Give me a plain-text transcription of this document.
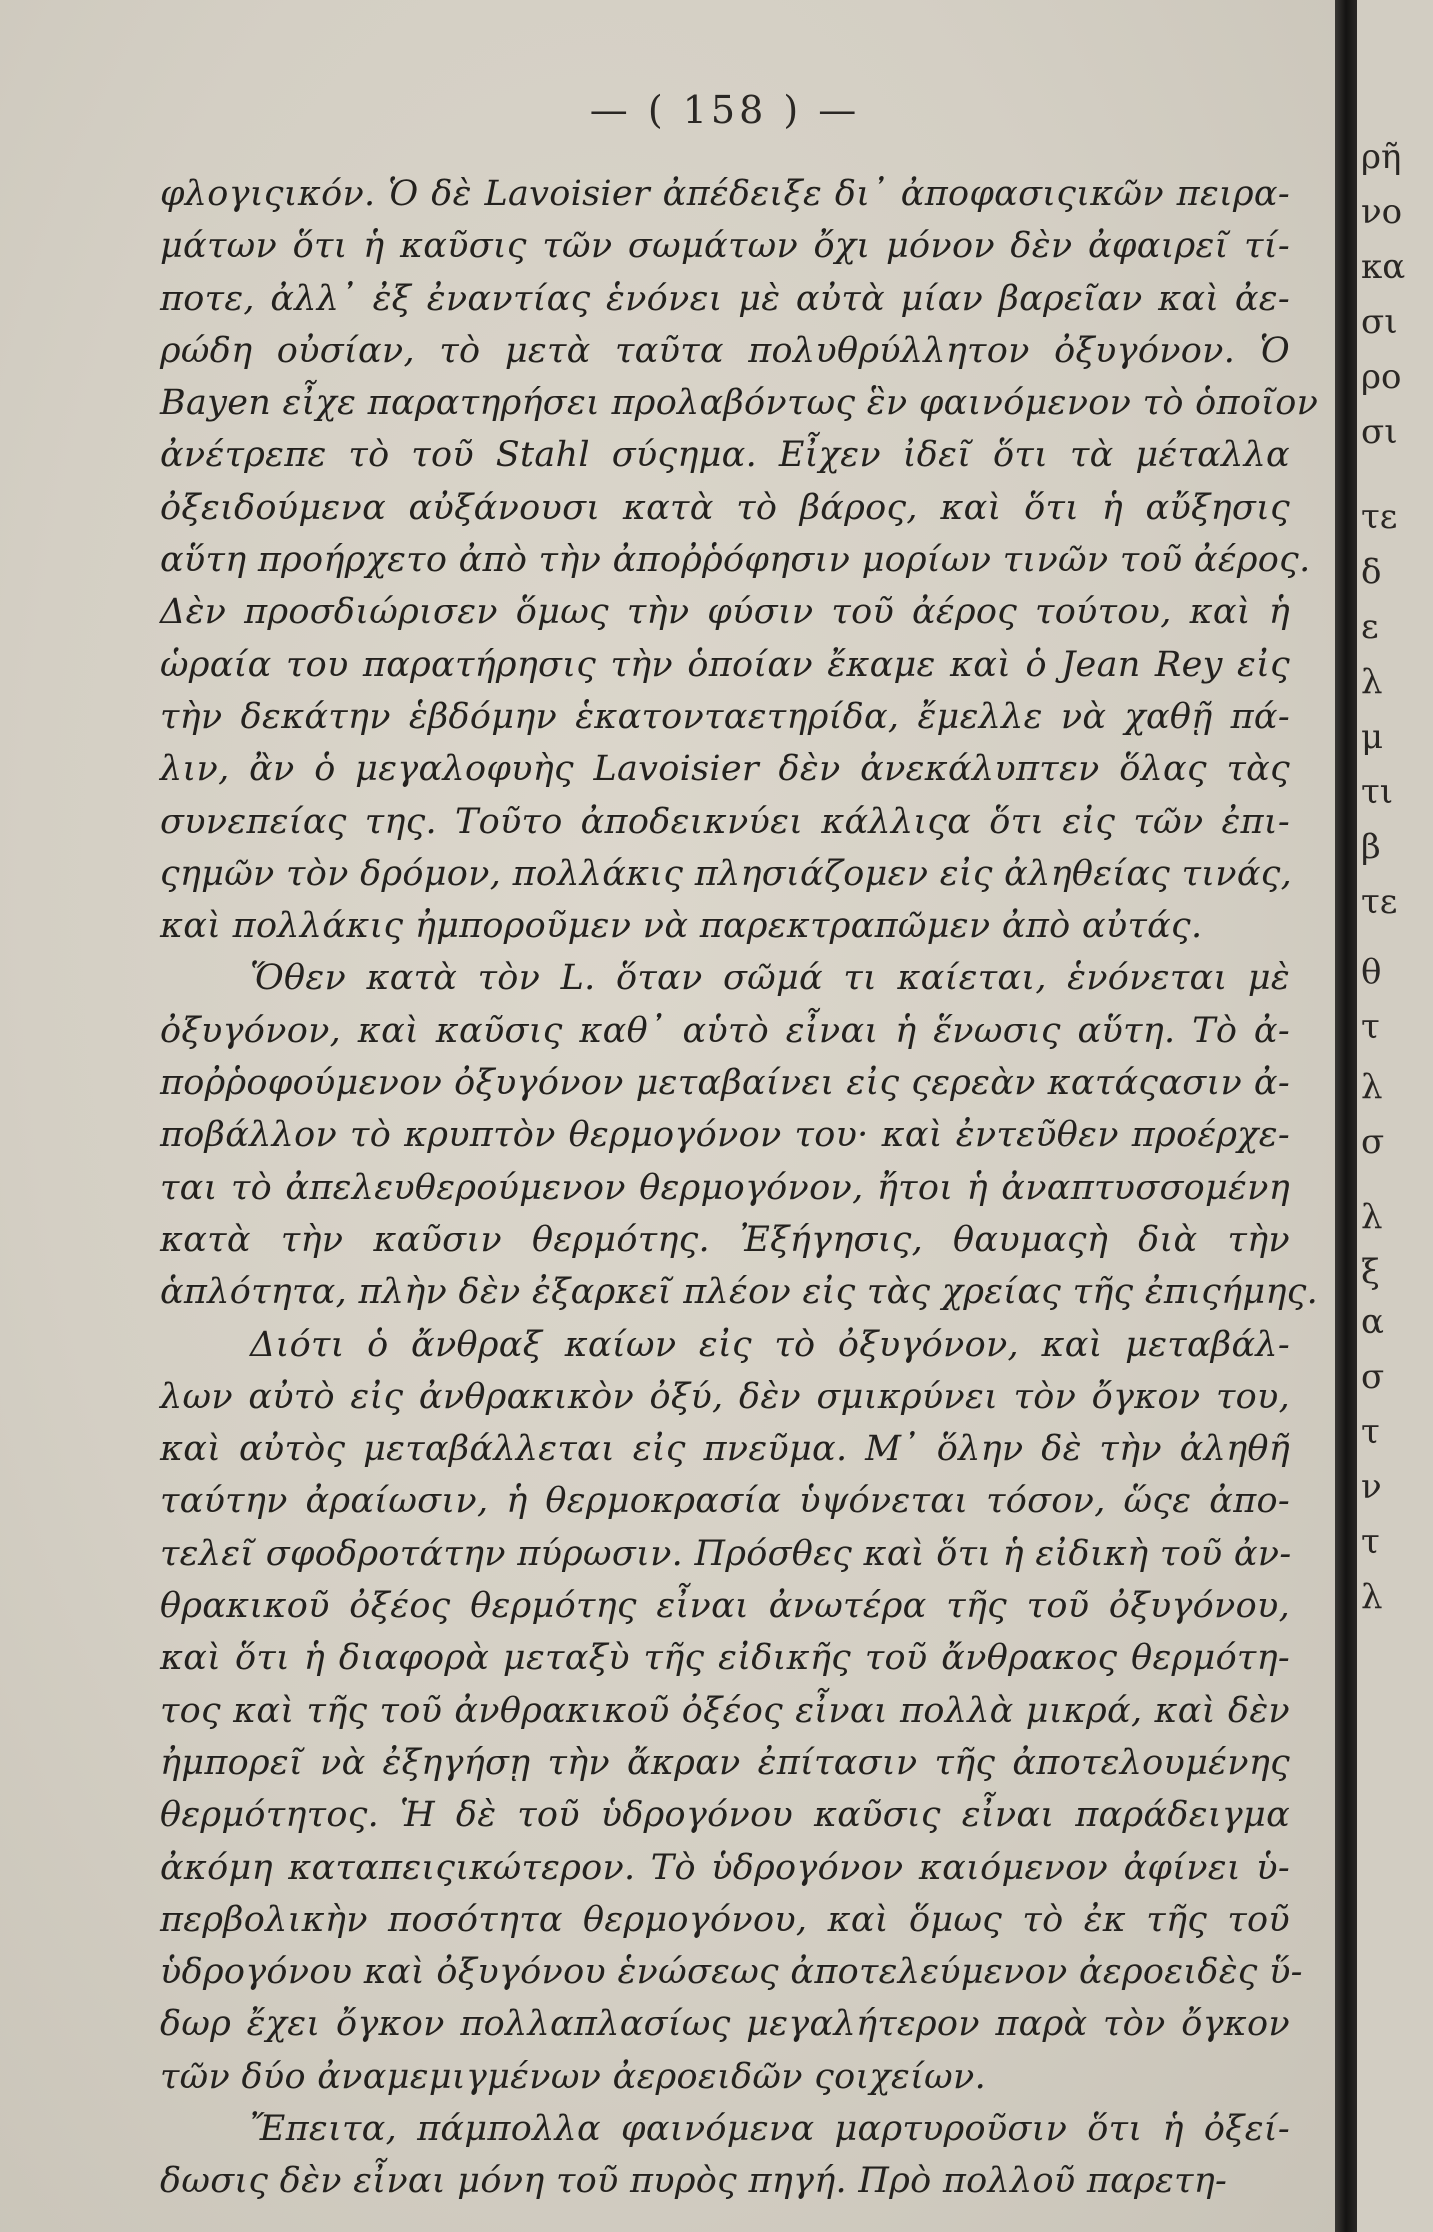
— ( 158 ) —
φλογιςικόν. Ὁ δὲ Lavoisier ἀπέδειξε δι᾽ ἀποφασιςικῶν πειρα-
μάτων ὅτι ἡ καῦσις τῶν σωμάτων ὄχι μόνον δὲν ἀφαιρεῖ τί-
ποτε, ἀλλ᾽ ἐξ ἐναντίας ἑνόνει μὲ αὐτὰ μίαν βαρεῖαν καὶ ἀε-
ρώδη οὐσίαν, τὸ μετὰ ταῦτα πολυθρύλλητον ὀξυγόνον. Ὁ
Bayen εἶχε παρατηρήσει προλαβόντως ἓν φαινόμενον τὸ ὁποῖον
ἀνέτρεπε τὸ τοῦ Stahl σύςημα. Εἶχεν ἰδεῖ ὅτι τὰ μέταλλα
ὀξειδούμενα αὐξάνουσι κατὰ τὸ βάρος, καὶ ὅτι ἡ αὔξησις
αὕτη προήρχετο ἀπὸ τὴν ἀποῤῥόφησιν μορίων τινῶν τοῦ ἀέρος.
Δὲν προσδιώρισεν ὅμως τὴν φύσιν τοῦ ἀέρος τούτου, καὶ ἡ
ὡραία του παρατήρησις τὴν ὁποίαν ἔκαμε καὶ ὁ Jean Rey εἰς
τὴν δεκάτην ἑβδόμην ἑκατονταετηρίδα, ἔμελλε νὰ χαθῇ πά-
λιν, ἂν ὁ μεγαλοφυὴς Lavoisier δὲν ἀνεκάλυπτεν ὅλας τὰς
συνεπείας της. Τοῦτο ἀποδεικνύει κάλλιςα ὅτι εἰς τῶν ἐπι-
ςημῶν τὸν δρόμον, πολλάκις πλησιάζομεν εἰς ἀληθείας τινάς,
καὶ πολλάκις ἠμποροῦμεν νὰ παρεκτραπῶμεν ἀπὸ αὐτάς.
Ὅθεν κατὰ τὸν L. ὅταν σῶμά τι καίεται, ἑνόνεται μὲ
ὀξυγόνον, καὶ καῦσις καθ᾽ αὑτὸ εἶναι ἡ ἕνωσις αὕτη. Τὸ ἀ-
ποῤῥοφούμενον ὀξυγόνον μεταβαίνει εἰς ςερεὰν κατάςασιν ἀ-
ποβάλλον τὸ κρυπτὸν θερμογόνον του· καὶ ἐντεῦθεν προέρχε-
ται τὸ ἀπελευθερούμενον θερμογόνον, ἤτοι ἡ ἀναπτυσσομένη
κατὰ τὴν καῦσιν θερμότης. Ἐξήγησις, θαυμαςὴ διὰ τὴν
ἁπλότητα, πλὴν δὲν ἐξαρκεῖ πλέον εἰς τὰς χρείας τῆς ἐπιςήμης.
Διότι ὁ ἄνθραξ καίων εἰς τὸ ὀξυγόνον, καὶ μεταβάλ-
λων αὐτὸ εἰς ἀνθρακικὸν ὀξύ, δὲν σμικρύνει τὸν ὄγκον του,
καὶ αὐτὸς μεταβάλλεται εἰς πνεῦμα. Μ᾽ ὅλην δὲ τὴν ἀληθῆ
ταύτην ἀραίωσιν, ἡ θερμοκρασία ὑψόνεται τόσον, ὥςε ἀπο-
τελεῖ σφοδροτάτην πύρωσιν. Πρόσθες καὶ ὅτι ἡ εἰδικὴ τοῦ ἀν-
θρακικοῦ ὀξέος θερμότης εἶναι ἀνωτέρα τῆς τοῦ ὀξυγόνου,
καὶ ὅτι ἡ διαφορὰ μεταξὺ τῆς εἰδικῆς τοῦ ἄνθρακος θερμότη-
τος καὶ τῆς τοῦ ἀνθρακικοῦ ὀξέος εἶναι πολλὰ μικρά, καὶ δὲν
ἠμπορεῖ νὰ ἐξηγήσῃ τὴν ἄκραν ἐπίτασιν τῆς ἀποτελουμένης
θερμότητος. Ἡ δὲ τοῦ ὑδρογόνου καῦσις εἶναι παράδειγμα
ἀκόμη καταπειςικώτερον. Τὸ ὑδρογόνον καιόμενον ἀφίνει ὑ-
περβολικὴν ποσότητα θερμογόνου, καὶ ὅμως τὸ ἐκ τῆς τοῦ
ὑδρογόνου καὶ ὀξυγόνου ἑνώσεως ἀποτελεύμενον ἀεροειδὲς ὕ-
δωρ ἔχει ὄγκον πολλαπλασίως μεγαλήτερον παρὰ τὸν ὄγκον
τῶν δύο ἀναμεμιγμένων ἀεροειδῶν ςοιχείων.
Ἔπειτα, πάμπολλα φαινόμενα μαρτυροῦσιν ὅτι ἡ ὀξεί-
δωσις δὲν εἶναι μόνη τοῦ πυρὸς πηγή. Πρὸ πολλοῦ παρετη-
ρῆ
νο
κα
σι
ρο
σι
τε
δ
ε
λ
μ
τι
β
τε
θ
τ
λ
σ
λ
ξ
α
σ
τ
ν
τ
λ
